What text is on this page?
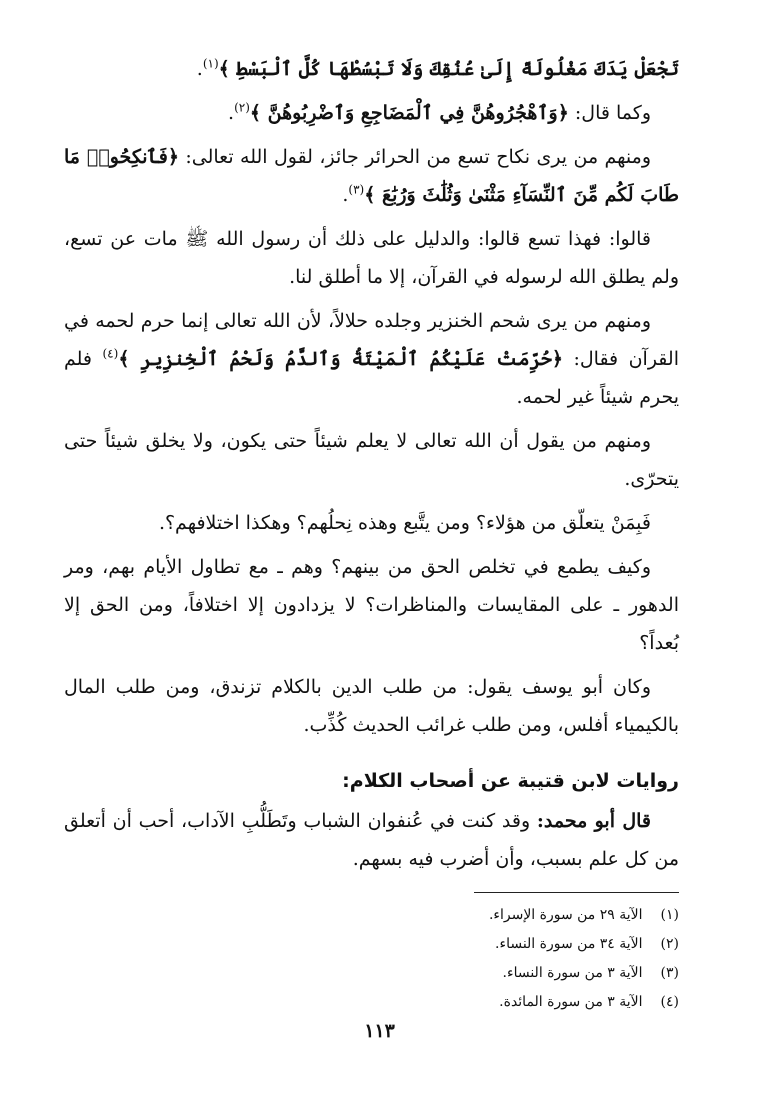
تَجْعَلْ يَدَكَ مَغْلُولَةً إِلَىٰ عُنُقِكَ وَلَا تَبْسُطْهَا كُلَّ ٱلْبَسْطِ ﴾$^{(١)}$.

وكما قال: ﴿وَٱهْجُرُوهُنَّ فِي ٱلْمَضَاجِعِ وَٱضْرِبُوهُنَّ ﴾$^{(٢)}$.

ومنهم من يرى نكاح تسع من الحرائر جائز، لقول الله تعالى: ﴿فَٱنكِحُوا۟ مَا طَابَ لَكُم مِّنَ ٱلنِّسَآءِ مَثْنَىٰ وَثُلَٰثَ وَرُبَٰعَ ﴾$^{(٣)}$.

قالوا: فهذا تسع قالوا: والدليل على ذلك أن رسول الله ﷺ مات عن تسع، ولم يطلق الله لرسوله في القرآن، إلا ما أطلق لنا.

ومنهم من يرى شحم الخنزير وجلده حلالاً، لأن الله تعالى إنما حرم لحمه في القرآن فقال: ﴿حُرِّمَتْ عَلَيْكُمُ ٱلْمَيْتَةُ وَٱلدَّمُ وَلَحْمُ ٱلْخِنزِيرِ ﴾$^{(٤)}$ فلم يحرم شيئاً غير لحمه.

ومنهم من يقول أن الله تعالى لا يعلم شيئاً حتى يكون، ولا يخلق شيئاً حتى يتحرّى.

فَبِمَنْ يتعلّق من هؤلاء؟ ومن يتَّبع وهذه نِحلُهم؟ وهكذا اختلافهم؟.

وكيف يطمع في تخلص الحق من بينهم؟ وهم ـ مع تطاول الأيام بهم، ومر الدهور ـ على المقايسات والمناظرات؟ لا يزدادون إلا اختلافاً، ومن الحق إلا بُعداً؟

وكان أبو يوسف يقول: من طلب الدين بالكلام تزندق، ومن طلب المال بالكيمياء أفلس، ومن طلب غرائب الحديث كُذِّب.

روايات لابن قتيبة عن أصحاب الكلام:

قال أبو محمد: وقد كنت في عُنفوان الشباب وتَطَلُّبِ الآداب، أحب أن أتعلق من كل علم بسبب، وأن أضرب فيه بسهم.

(١) الآية ٢٩ من سورة الإسراء.
(٢) الآية ٣٤ من سورة النساء.
(٣) الآية ٣ من سورة النساء.
(٤) الآية ٣ من سورة المائدة.
١١٣
